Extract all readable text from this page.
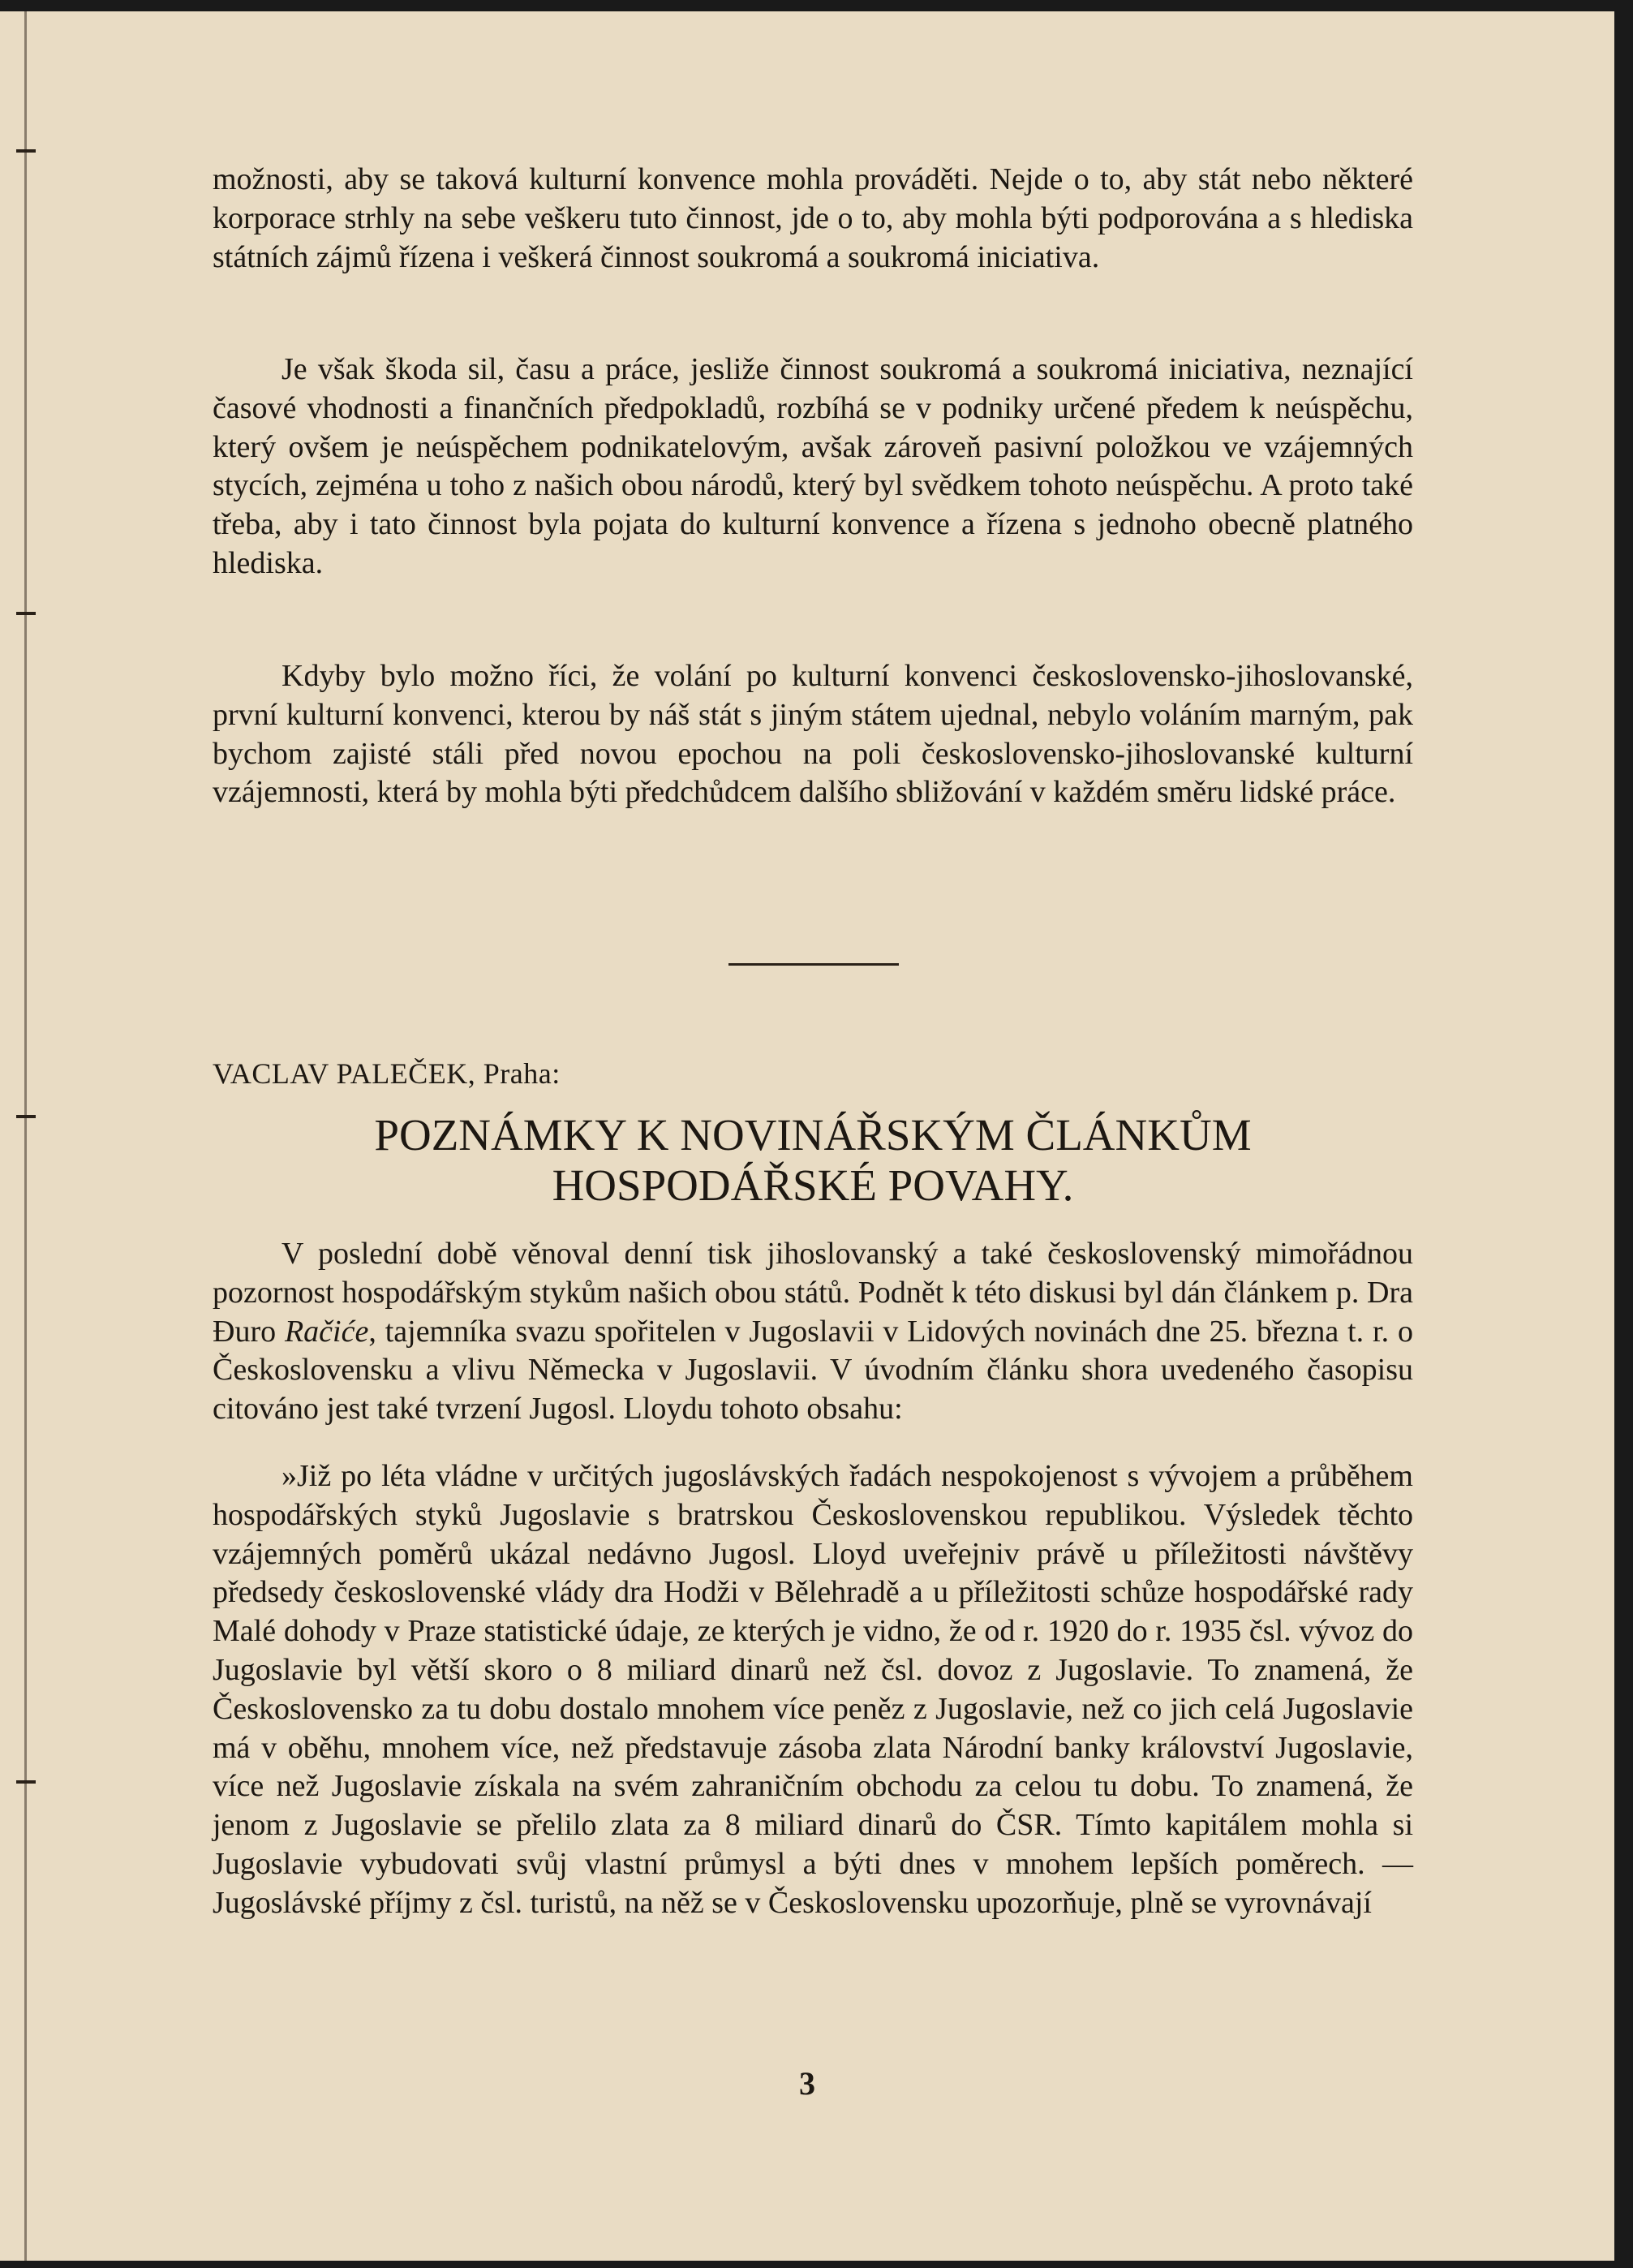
možnosti, aby se taková kulturní konvence mohla prováděti. Nejde o to, aby stát nebo některé korporace strhly na sebe veškeru tuto činnost, jde o to, aby mohla býti podporována a s hlediska státních zájmů řízena i veškerá činnost soukromá a soukromá iniciativa.

Je však škoda sil, času a práce, jesliže činnost soukromá a soukromá iniciativa, neznající časové vhodnosti a finančních předpokladů, rozbíhá se v podniky určené předem k neúspěchu, který ovšem je neúspěchem podnikatelovým, avšak zároveň pasivní položkou ve vzájemných stycích, zejména u toho z našich obou národů, který byl svědkem tohoto neúspěchu. A proto také třeba, aby i tato činnost byla pojata do kulturní konvence a řízena s jednoho obecně platného hlediska.

Kdyby bylo možno říci, že volání po kulturní konvenci československo-jihoslovanské, první kulturní konvenci, kterou by náš stát s jiným státem ujednal, nebylo voláním marným, pak bychom zajisté stáli před novou epochou na poli československo-jihoslovanské kulturní vzájemnosti, která by mohla býti předchůdcem dalšího sbližování v každém směru lidské práce.

VACLAV PALEČEK, Praha:
POZNÁMKY K NOVINÁŘSKÝM ČLÁNKŮM
HOSPODÁŘSKÉ POVAHY.

V poslední době věnoval denní tisk jihoslovanský a také československý mimořádnou pozornost hospodářským stykům našich obou států. Podnět k této diskusi byl dán článkem p. Dra Đuro Račiće, tajemníka svazu spořitelen v Jugoslavii v Lidových novinách dne 25. března t. r. o Československu a vlivu Německa v Jugoslavii. V úvodním článku shora uvedeného časopisu citováno jest také tvrzení Jugosl. Lloydu tohoto obsahu:

»Již po léta vládne v určitých jugoslávských řadách nespokojenost s vývojem a průběhem hospodářských styků Jugoslavie s bratrskou Československou republikou. Výsledek těchto vzájemných poměrů ukázal nedávno Jugosl. Lloyd uveřejniv právě u příležitosti návštěvy předsedy československé vlády dra Hodži v Bělehradě a u příležitosti schůze hospodářské rady Malé dohody v Praze statistické údaje, ze kterých je vidno, že od r. 1920 do r. 1935 čsl. vývoz do Jugoslavie byl větší skoro o 8 miliard dinarů než čsl. dovoz z Jugoslavie. To znamená, že Československo za tu dobu dostalo mnohem více peněz z Jugoslavie, než co jich celá Jugoslavie má v oběhu, mnohem více, než představuje zásoba zlata Národní banky království Jugoslavie, více než Jugoslavie získala na svém zahraničním obchodu za celou tu dobu. To znamená, že jenom z Jugoslavie se přelilo zlata za 8 miliard dinarů do ČSR. Tímto kapitálem mohla si Jugoslavie vybudovati svůj vlastní průmysl a býti dnes v mnohem lepších poměrech. — Jugoslávské příjmy z čsl. turistů, na něž se v Československu upozorňuje, plně se vyrovnávají

3
